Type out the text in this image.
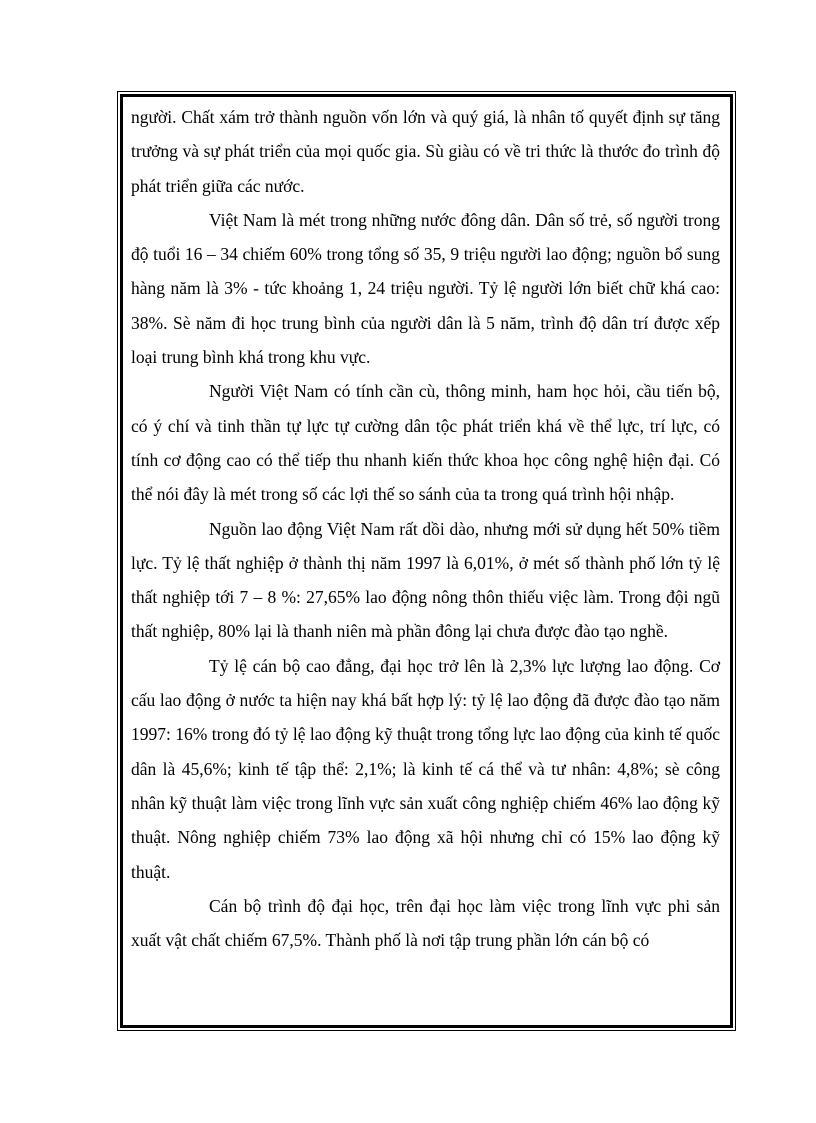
người. Chất xám trở thành nguồn vốn lớn và quý giá, là nhân tố quyết định sự tăng trưởng và sự phát triển của mọi quốc gia. Sù giàu có về tri thức là thước đo trình độ phát triển giữa các nước.

Việt Nam là mét trong những nước đông dân. Dân số trẻ, số người trong độ tuổi 16 – 34 chiếm 60% trong tổng số 35, 9 triệu người lao động; nguồn bổ sung hàng năm là 3% - tức khoảng 1, 24 triệu người. Tỷ lệ người lớn biết chữ khá cao: 38%. Sè năm đi học trung bình của người dân là 5 năm, trình độ dân trí được xếp loại trung bình khá trong khu vực.

Người Việt Nam có tính cần cù, thông minh, ham học hỏi, cầu tiến bộ, có ý chí và tinh thần tự lực tự cường dân tộc phát triển khá về thể lực, trí lực, có tính cơ động cao có thể tiếp thu nhanh kiến thức khoa học công nghệ hiện đại. Có thể nói đây là mét trong số các lợi thế so sánh của ta trong quá trình hội nhập.

Nguồn lao động Việt Nam rất dồi dào, nhưng mới sử dụng hết 50% tiềm lực. Tỷ lệ thất nghiệp ở thành thị năm 1997 là 6,01%, ở mét số thành phố lớn tỷ lệ thất nghiệp tới 7 – 8 %: 27,65% lao động nông thôn thiếu việc làm. Trong đội ngũ thất nghiệp, 80% lại là thanh niên mà phần đông lại chưa được đào tạo nghề.

Tỷ lệ cán bộ cao đẳng, đại học trở lên là 2,3% lực lượng lao động. Cơ cấu lao động ở nước ta hiện nay khá bất hợp lý: tỷ lệ lao động đã được đào tạo năm 1997: 16% trong đó tỷ lệ lao động kỹ thuật trong tổng lực lao động của kinh tế quốc dân là 45,6%; kinh tế tập thể: 2,1%; là kinh tế cá thể và tư nhân: 4,8%; sè công nhân kỹ thuật làm việc trong lĩnh vực sản xuất công nghiệp chiếm 46% lao động kỹ thuật. Nông nghiệp chiếm 73% lao động xã hội nhưng chỉ có 15% lao động kỹ thuật.

Cán bộ trình độ đại học, trên đại học làm việc trong lĩnh vực phi sản xuất vật chất chiếm 67,5%. Thành phố là nơi tập trung phần lớn cán bộ có
